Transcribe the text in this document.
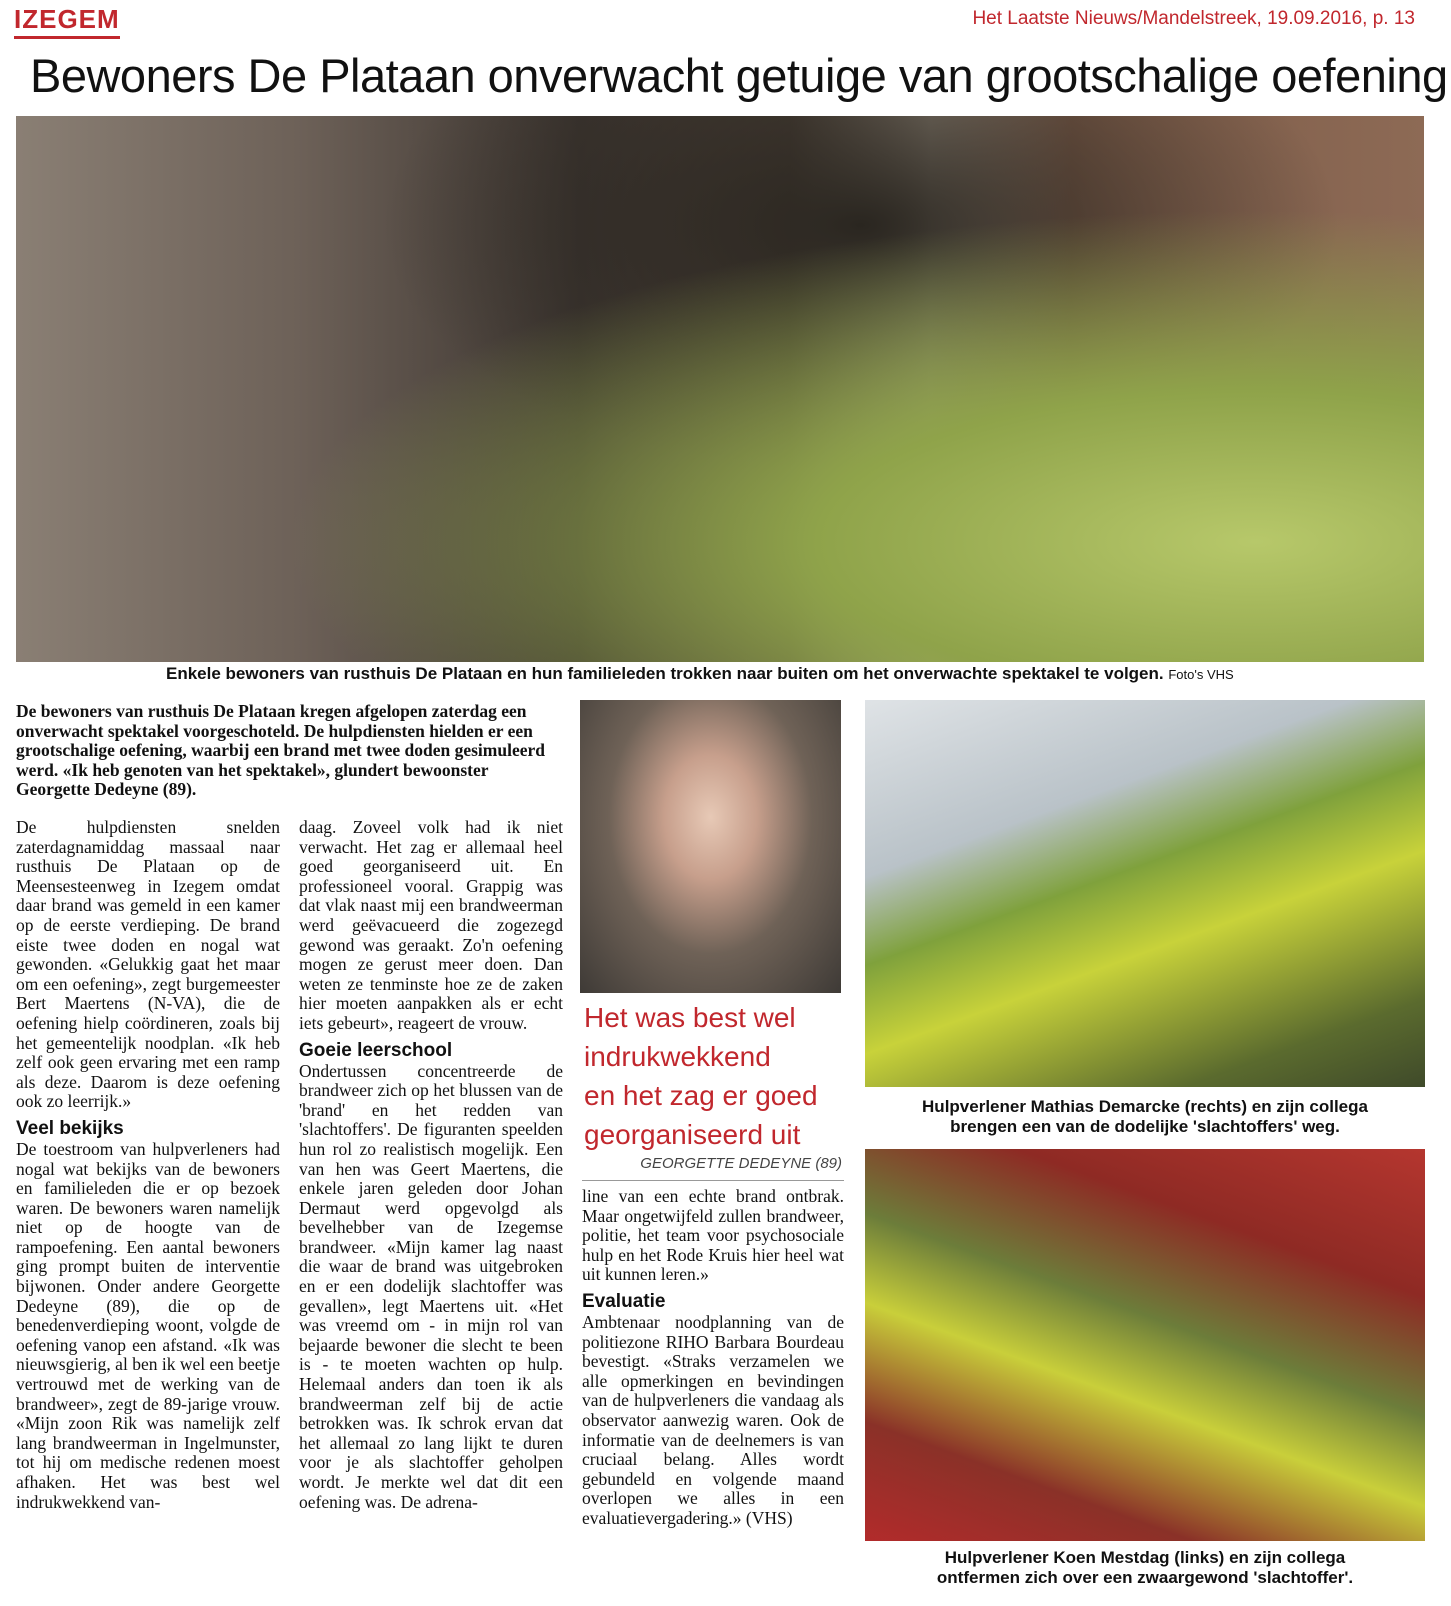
IZEGEM	Het Laatste Nieuws/Mandelstreek, 19.09.2016, p. 13
Bewoners De Plataan onverwacht getuige van grootschalige oefening
Enkele bewoners van rusthuis De Plataan en hun familieleden trokken naar buiten om het onverwachte spektakel te volgen. Foto's VHS
De bewoners van rusthuis De Plataan kregen afgelopen zaterdag een onverwacht spektakel voorgeschoteld. De hulpdiensten hielden er een grootschalige oefening, waarbij een brand met twee doden gesimuleerd werd. «Ik heb genoten van het spektakel», glundert bewoonster Georgette Dedeyne (89).

De hulpdiensten snelden zaterdagnamiddag massaal naar rusthuis De Plataan op de Meensesteenweg in Izegem omdat daar brand was gemeld in een kamer op de eerste verdieping. De brand eiste twee doden en nogal wat gewonden. «Gelukkig gaat het maar om een oefening», zegt burgemeester Bert Maertens (N-VA), die de oefening hielp coördineren, zoals bij het gemeentelijk noodplan. «Ik heb zelf ook geen ervaring met een ramp als deze. Daarom is deze oefening ook zo leerrijk.»

Veel bekijks

De toestroom van hulpverleners had nogal wat bekijks van de bewoners en familieleden die er op bezoek waren. De bewoners waren namelijk niet op de hoogte van de rampoefening. Een aantal bewoners ging prompt buiten de interventie bijwonen. Onder andere Georgette Dedeyne (89), die op de benedenverdieping woont, volgde de oefening vanop een afstand. «Ik was nieuwsgierig, al ben ik wel een beetje vertrouwd met de werking van de brandweer», zegt de 89-jarige vrouw. «Mijn zoon Rik was namelijk zelf lang brandweerman in Ingelmunster, tot hij om medische redenen moest afhaken. Het was best wel indrukwekkend van-

daag. Zoveel volk had ik niet verwacht. Het zag er allemaal heel goed georganiseerd uit. En professioneel vooral. Grappig was dat vlak naast mij een brandweerman werd geëvacueerd die zogezegd gewond was geraakt. Zo'n oefening mogen ze gerust meer doen. Dan weten ze tenminste hoe ze de zaken hier moeten aanpakken als er echt iets gebeurt», reageert de vrouw.

Goeie leerschool

Ondertussen concentreerde de brandweer zich op het blussen van de 'brand' en het redden van 'slachtoffers'. De figuranten speelden hun rol zo realistisch mogelijk. Een van hen was Geert Maertens, die enkele jaren geleden door Johan Dermaut werd opgevolgd als bevelhebber van de Izegemse brandweer. «Mijn kamer lag naast die waar de brand was uitgebroken en er een dodelijk slachtoffer was gevallen», legt Maertens uit. «Het was vreemd om - in mijn rol van bejaarde bewoner die slecht te been is - te moeten wachten op hulp. Helemaal anders dan toen ik als brandweerman zelf bij de actie betrokken was. Ik schrok ervan dat het allemaal zo lang lijkt te duren voor je als slachtoffer geholpen wordt. Je merkte wel dat dit een oefening was. De adrena-

Het was best wel
indrukwekkend
en het zag er goed
georganiseerd uit
GEORGETTE DEDEYNE (89)

line van een echte brand ontbrak. Maar ongetwijfeld zullen brandweer, politie, het team voor psychosociale hulp en het Rode Kruis hier heel wat uit kunnen leren.»

Evaluatie

Ambtenaar noodplanning van de politiezone RIHO Barbara Bourdeau bevestigt. «Straks verzamelen we alle opmerkingen en bevindingen van de hulpverleners die vandaag als observator aanwezig waren. Ook de informatie van de deelnemers is van cruciaal belang. Alles wordt gebundeld en volgende maand overlopen we alles in een evaluatievergadering.» (VHS)

Hulpverlener Mathias Demarcke (rechts) en zijn collega
brengen een van de dodelijke 'slachtoffers' weg.
Hulpverlener Koen Mestdag (links) en zijn collega
ontfermen zich over een zwaargewond 'slachtoffer'.
